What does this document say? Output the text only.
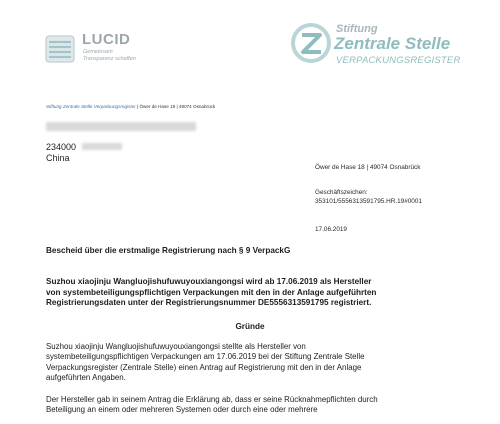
LUCID
Gemeinsam
Transparenz schaffen
Stiftung
Zentrale Stelle
VERPACKUNGSREGISTER
Stiftung Zentrale Stelle Verpackungsregister | Öwer de Hase 18 | 49074 Osnabrück
234000
China
Öwer de Hase 18 | 49074 Osnabrück
Geschäftszeichen:
353101/5556313591795.HR.19#0001
17.06.2019
Bescheid über die erstmalige Registrierung nach § 9 VerpackG
Suzhou xiaojinju Wangluojishufuwuyouxiangongsi wird ab 17.06.2019 als Hersteller
von systembeteiligungspflichtigen Verpackungen mit den in der Anlage aufgeführten
Registrierungsdaten unter der Registrierungsnummer DE5556313591795 registriert.
Gründe
Suzhou xiaojinju Wangluojishufuwuyouxiangongsi stellte als Hersteller von
systembeteiligungspflichtigen Verpackungen am 17.06.2019 bei der Stiftung Zentrale Stelle
Verpackungsregister (Zentrale Stelle) einen Antrag auf Registrierung mit den in der Anlage
aufgeführten Angaben.
Der Hersteller gab in seinem Antrag die Erklärung ab, dass er seine Rücknahmepflichten durch
Beteiligung an einem oder mehreren Systemen oder durch eine oder mehrere
